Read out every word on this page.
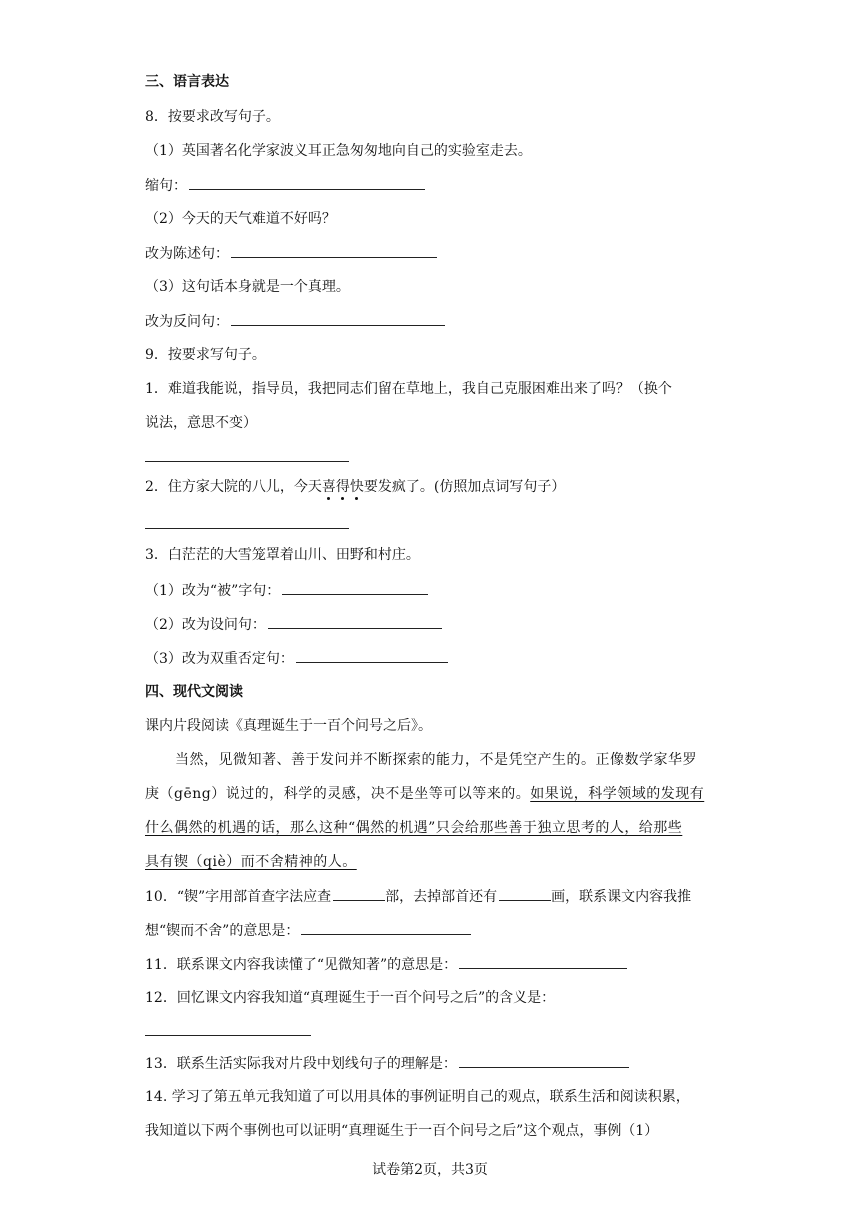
三、语言表达
8．按要求改写句子。
（1）英国著名化学家波义耳正急匆匆地向自己的实验室走去。
缩句：
（2）今天的天气难道不好吗？
改为陈述句：
（3）这句话本身就是一个真理。
改为反问句：
9．按要求写句子。
1．难道我能说，指导员，我把同志们留在草地上，我自己克服困难出来了吗？（换个
说法，意思不变）
2．住方家大院的八儿，今天喜得快要发疯了。(仿照加点词写句子）
3．白茫茫的大雪笼罩着山川、田野和村庄。
（1）改为“被”字句：
（2）改为设问句：
（3）改为双重否定句：
四、现代文阅读
课内片段阅读《真理诞生于一百个问号之后》。
当然，见微知著、善于发问并不断探索的能力，不是凭空产生的。正像数学家华罗
庚（gēng）说过的，科学的灵感，决不是坐等可以等来的。如果说，科学领域的发现有
什么偶然的机遇的话，那么这种“偶然的机遇”只会给那些善于独立思考的人，给那些
具有锲（qiè）而不舍精神的人。
10．“锲”字用部首查字法应查	部，去掉部首还有	画，联系课文内容我推
想“锲而不舍”的意思是：
11．联系课文内容我读懂了“见微知著”的意思是：
12．回忆课文内容我知道“真理诞生于一百个问号之后”的含义是：
13．联系生活实际我对片段中划线句子的理解是：
14. 学习了第五单元我知道了可以用具体的事例证明自己的观点，联系生活和阅读积累，
我知道以下两个事例也可以证明“真理诞生于一百个问号之后”这个观点，事例（1）
试卷第2页，共3页
